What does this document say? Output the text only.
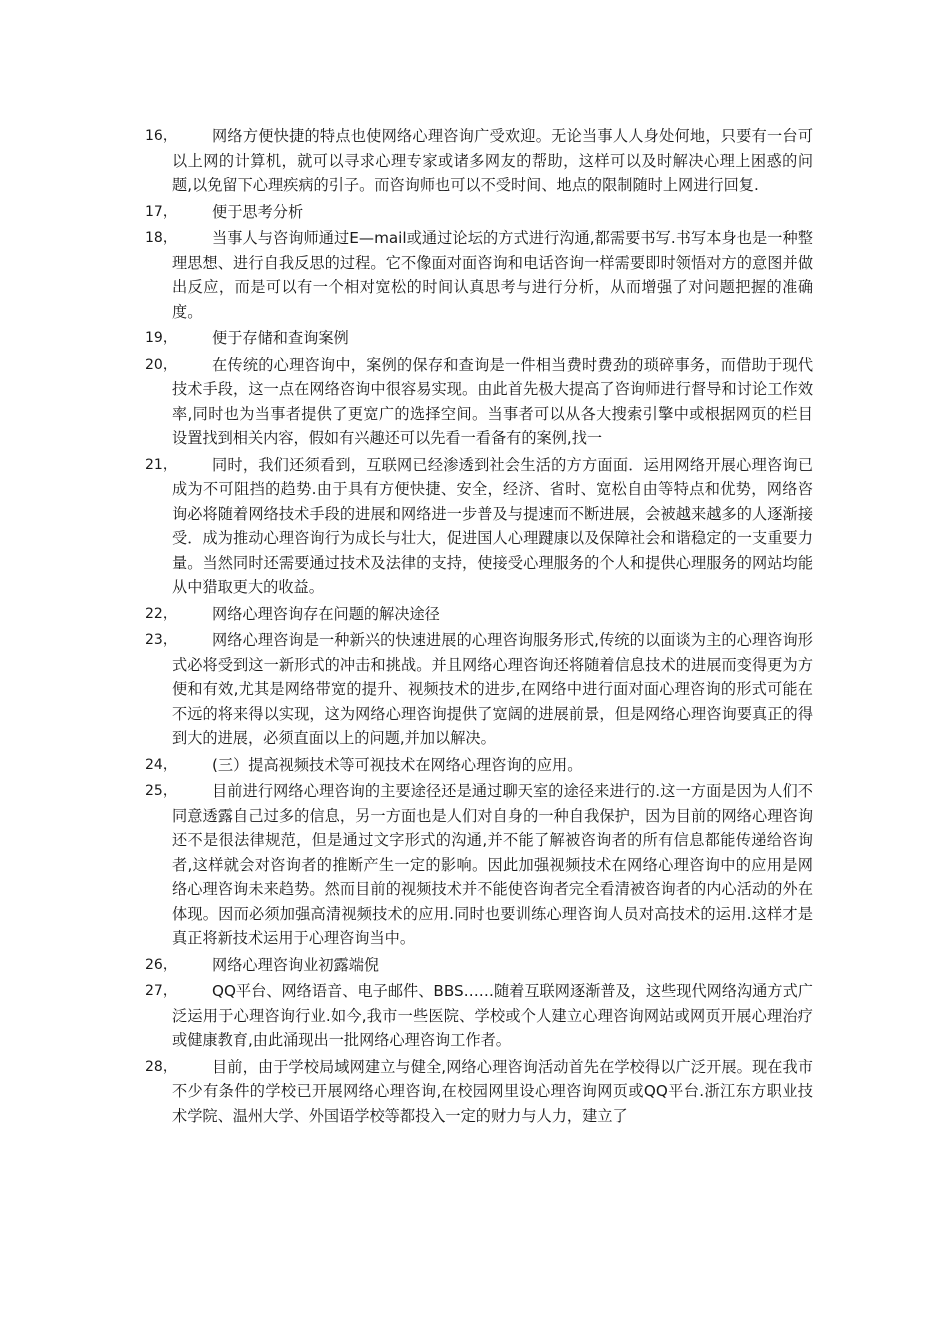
16，	网络方便快捷的特点也使网络心理咨询广受欢迎。无论当事人人身处何地，只要有一台可以上网的计算机，就可以寻求心理专家或诸多网友的帮助，这样可以及时解决心理上困惑的问题,以免留下心理疾病的引子。而咨询师也可以不受时间、地点的限制随时上网进行回复.
17，	便于思考分析
18，	当事人与咨询师通过E—mail或通过论坛的方式进行沟通,都需要书写.书写本身也是一种整理思想、进行自我反思的过程。它不像面对面咨询和电话咨询一样需要即时领悟对方的意图并做出反应，而是可以有一个相对宽松的时间认真思考与进行分析，从而增强了对问题把握的准确度。
19，	便于存储和查询案例
20，	在传统的心理咨询中，案例的保存和查询是一件相当费时费劲的琐碎事务，而借助于现代技术手段，这一点在网络咨询中很容易实现。由此首先极大提高了咨询师进行督导和讨论工作效率,同时也为当事者提供了更宽广的选择空间。当事者可以从各大搜索引擎中或根据网页的栏目设置找到相关内容，假如有兴趣还可以先看一看备有的案例,找一
21，	同时，我们还须看到，互联网已经渗透到社会生活的方方面面．运用网络开展心理咨询已成为不可阻挡的趋势.由于具有方便快捷、安全，经济、省时、宽松自由等特点和优势，网络咨询必将随着网络技术手段的进展和网络进一步普及与提速而不断进展，会被越来越多的人逐渐接受．成为推动心理咨询行为成长与壮大，促进国人心理踺康以及保障社会和谐稳定的一支重要力量。当然同时还需要通过技术及法律的支持，使接受心理服务的个人和提供心理服务的网站均能从中猎取更大的收益。
22，	网络心理咨询存在问题的解决途径
23，	网络心理咨询是一种新兴的快速进展的心理咨询服务形式,传统的以面谈为主的心理咨询形式必将受到这一新形式的冲击和挑战。并且网络心理咨询还将随着信息技术的进展而变得更为方便和有效,尤其是网络带宽的提升、视频技术的进步,在网络中进行面对面心理咨询的形式可能在不远的将来得以实现，这为网络心理咨询提供了宽阔的进展前景，但是网络心理咨询要真正的得到大的进展，必须直面以上的问题,并加以解决。
24，	(三）提高视频技术等可视技术在网络心理咨询的应用。
25，	目前进行网络心理咨询的主要途径还是通过聊天室的途径来进行的.这一方面是因为人们不同意透露自己过多的信息，另一方面也是人们对自身的一种自我保护，因为目前的网络心理咨询还不是很法律规范，但是通过文字形式的沟通,并不能了解被咨询者的所有信息都能传递给咨询者,这样就会对咨询者的推断产生一定的影响。因此加强视频技术在网络心理咨询中的应用是网络心理咨询未来趋势。然而目前的视频技术并不能使咨询者完全看清被咨询者的内心活动的外在体现。因而必须加强高清视频技术的应用.同时也要训练心理咨询人员对高技术的运用.这样才是真正将新技术运用于心理咨询当中。
26，	网络心理咨询业初露端倪
27，	QQ平台、网络语音、电子邮件、BBS……随着互联网逐渐普及，这些现代网络沟通方式广泛运用于心理咨询行业.如今,我市一些医院、学校或个人建立心理咨询网站或网页开展心理治疗或健康教育,由此涌现出一批网络心理咨询工作者。
28，	目前，由于学校局域网建立与健全,网络心理咨询活动首先在学校得以广泛开展。现在我市不少有条件的学校已开展网络心理咨询,在校园网里设心理咨询网页或QQ平台.浙江东方职业技术学院、温州大学、外国语学校等都投入一定的财力与人力，建立了
